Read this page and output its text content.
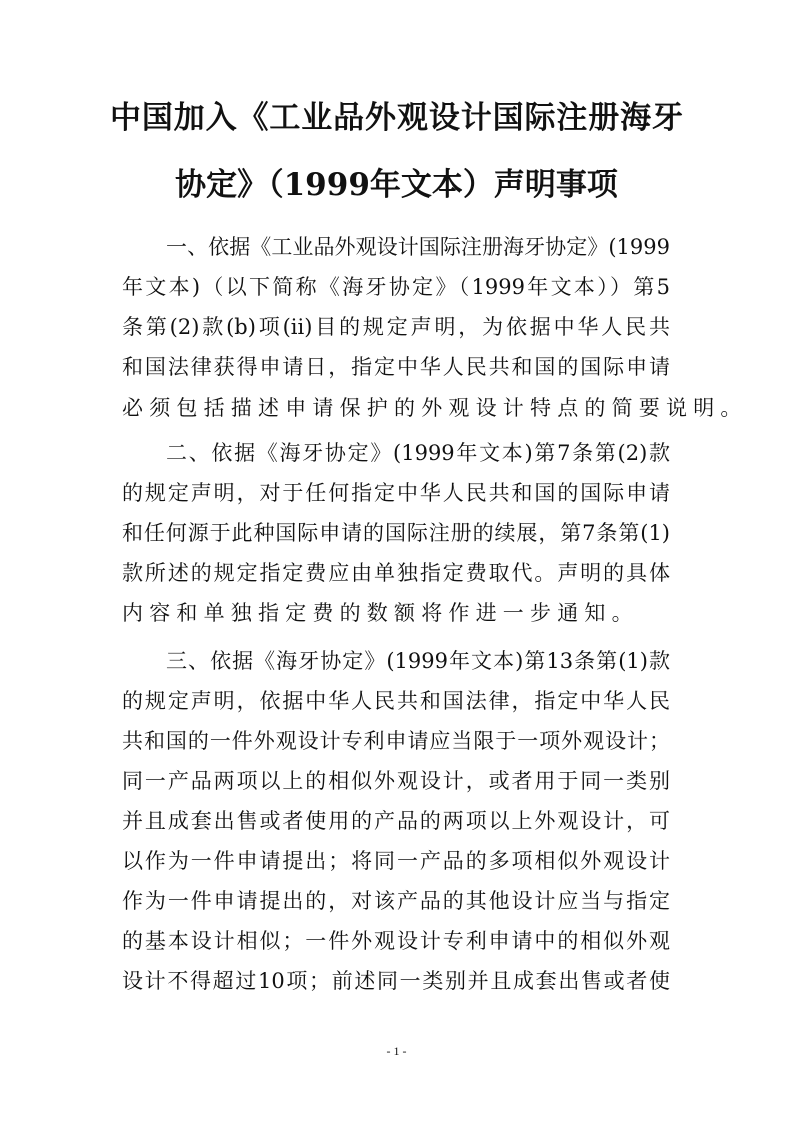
中国加入《工业品外观设计国际注册海牙
协定》（1999年文本）声明事项
一、依据《工业品外观设计国际注册海牙协定》(1999
年文本)（以下简称《海牙协定》（1999年文本））第5
条第(2)款(b)项(ii)目的规定声明，为依据中华人民共
和国法律获得申请日，指定中华人民共和国的国际申请
必须包括描述申请保护的外观设计特点的简要说明。
二、依据《海牙协定》(1999年文本)第7条第(2)款
的规定声明，对于任何指定中华人民共和国的国际申请
和任何源于此种国际申请的国际注册的续展，第7条第(1)
款所述的规定指定费应由单独指定费取代。声明的具体
内容和单独指定费的数额将作进一步通知。
三、依据《海牙协定》(1999年文本)第13条第(1)款
的规定声明，依据中华人民共和国法律，指定中华人民
共和国的一件外观设计专利申请应当限于一项外观设计；
同一产品两项以上的相似外观设计，或者用于同一类别
并且成套出售或者使用的产品的两项以上外观设计，可
以作为一件申请提出；将同一产品的多项相似外观设计
作为一件申请提出的，对该产品的其他设计应当与指定
的基本设计相似；一件外观设计专利申请中的相似外观
设计不得超过10项；前述同一类别并且成套出售或者使
- 1 -
